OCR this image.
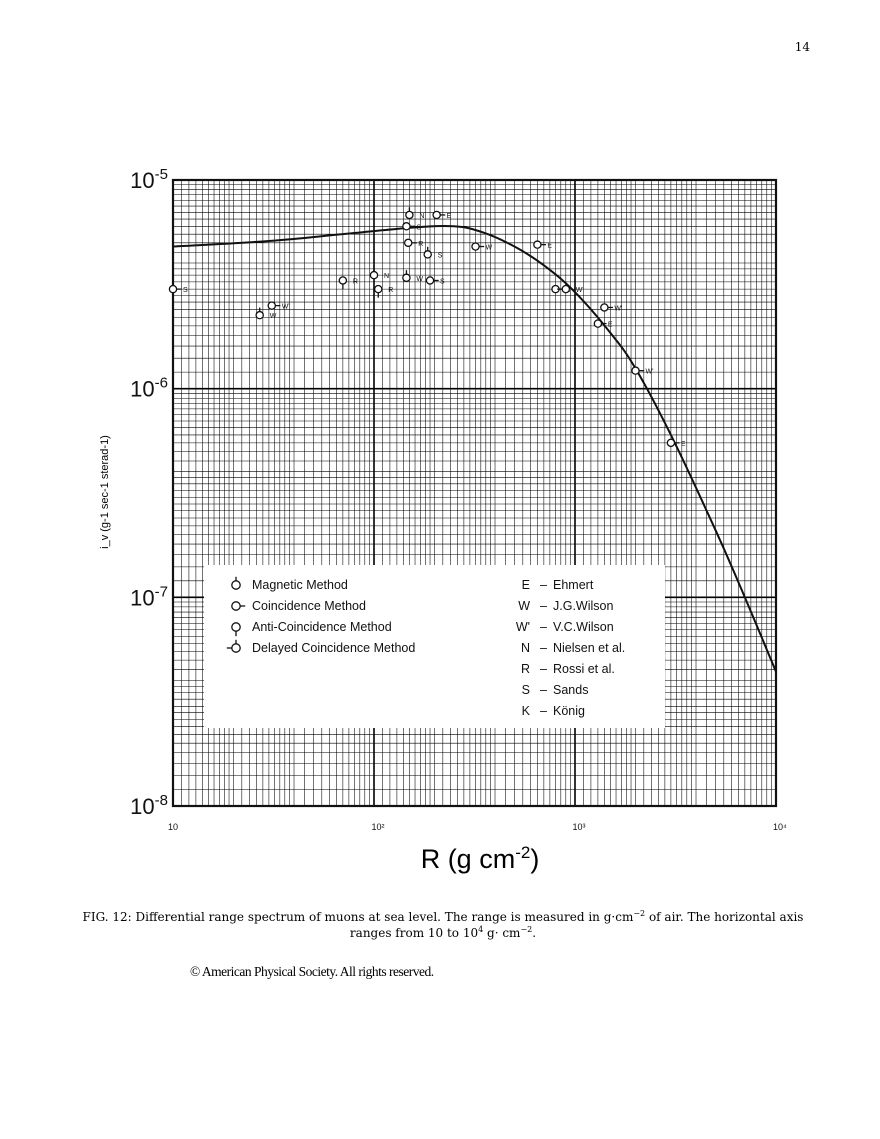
14
S
W
W'
R
N
R
W
S
R
N
S
S
E
W	E
W'
W'
E
W'
E
Magnetic Method
Coincidence Method
Anti-Coincidence Method
Delayed Coincidence Method
E – Ehmert
W – J.G.Wilson
W' – V.C.Wilson
N – Nielsen et al.
R – Rossi et al.
S – Sands
K – König
10	10²	10³	10⁴
$10^{-5}$
$10^{-6}$
$10^{-7}$
$10^{-8}$
i_v (g-1 sec-1 sterad-1)
R (g $cm^{-2}$)
FIG. 12: Differential range spectrum of muons at sea level. The range is measured in $g\cdot cm^{-2}$ of air. The horizontal axis ranges from 10 to $10^4$ $g\cdot cm^{-2}$.
© American Physical Society. All rights reserved.
